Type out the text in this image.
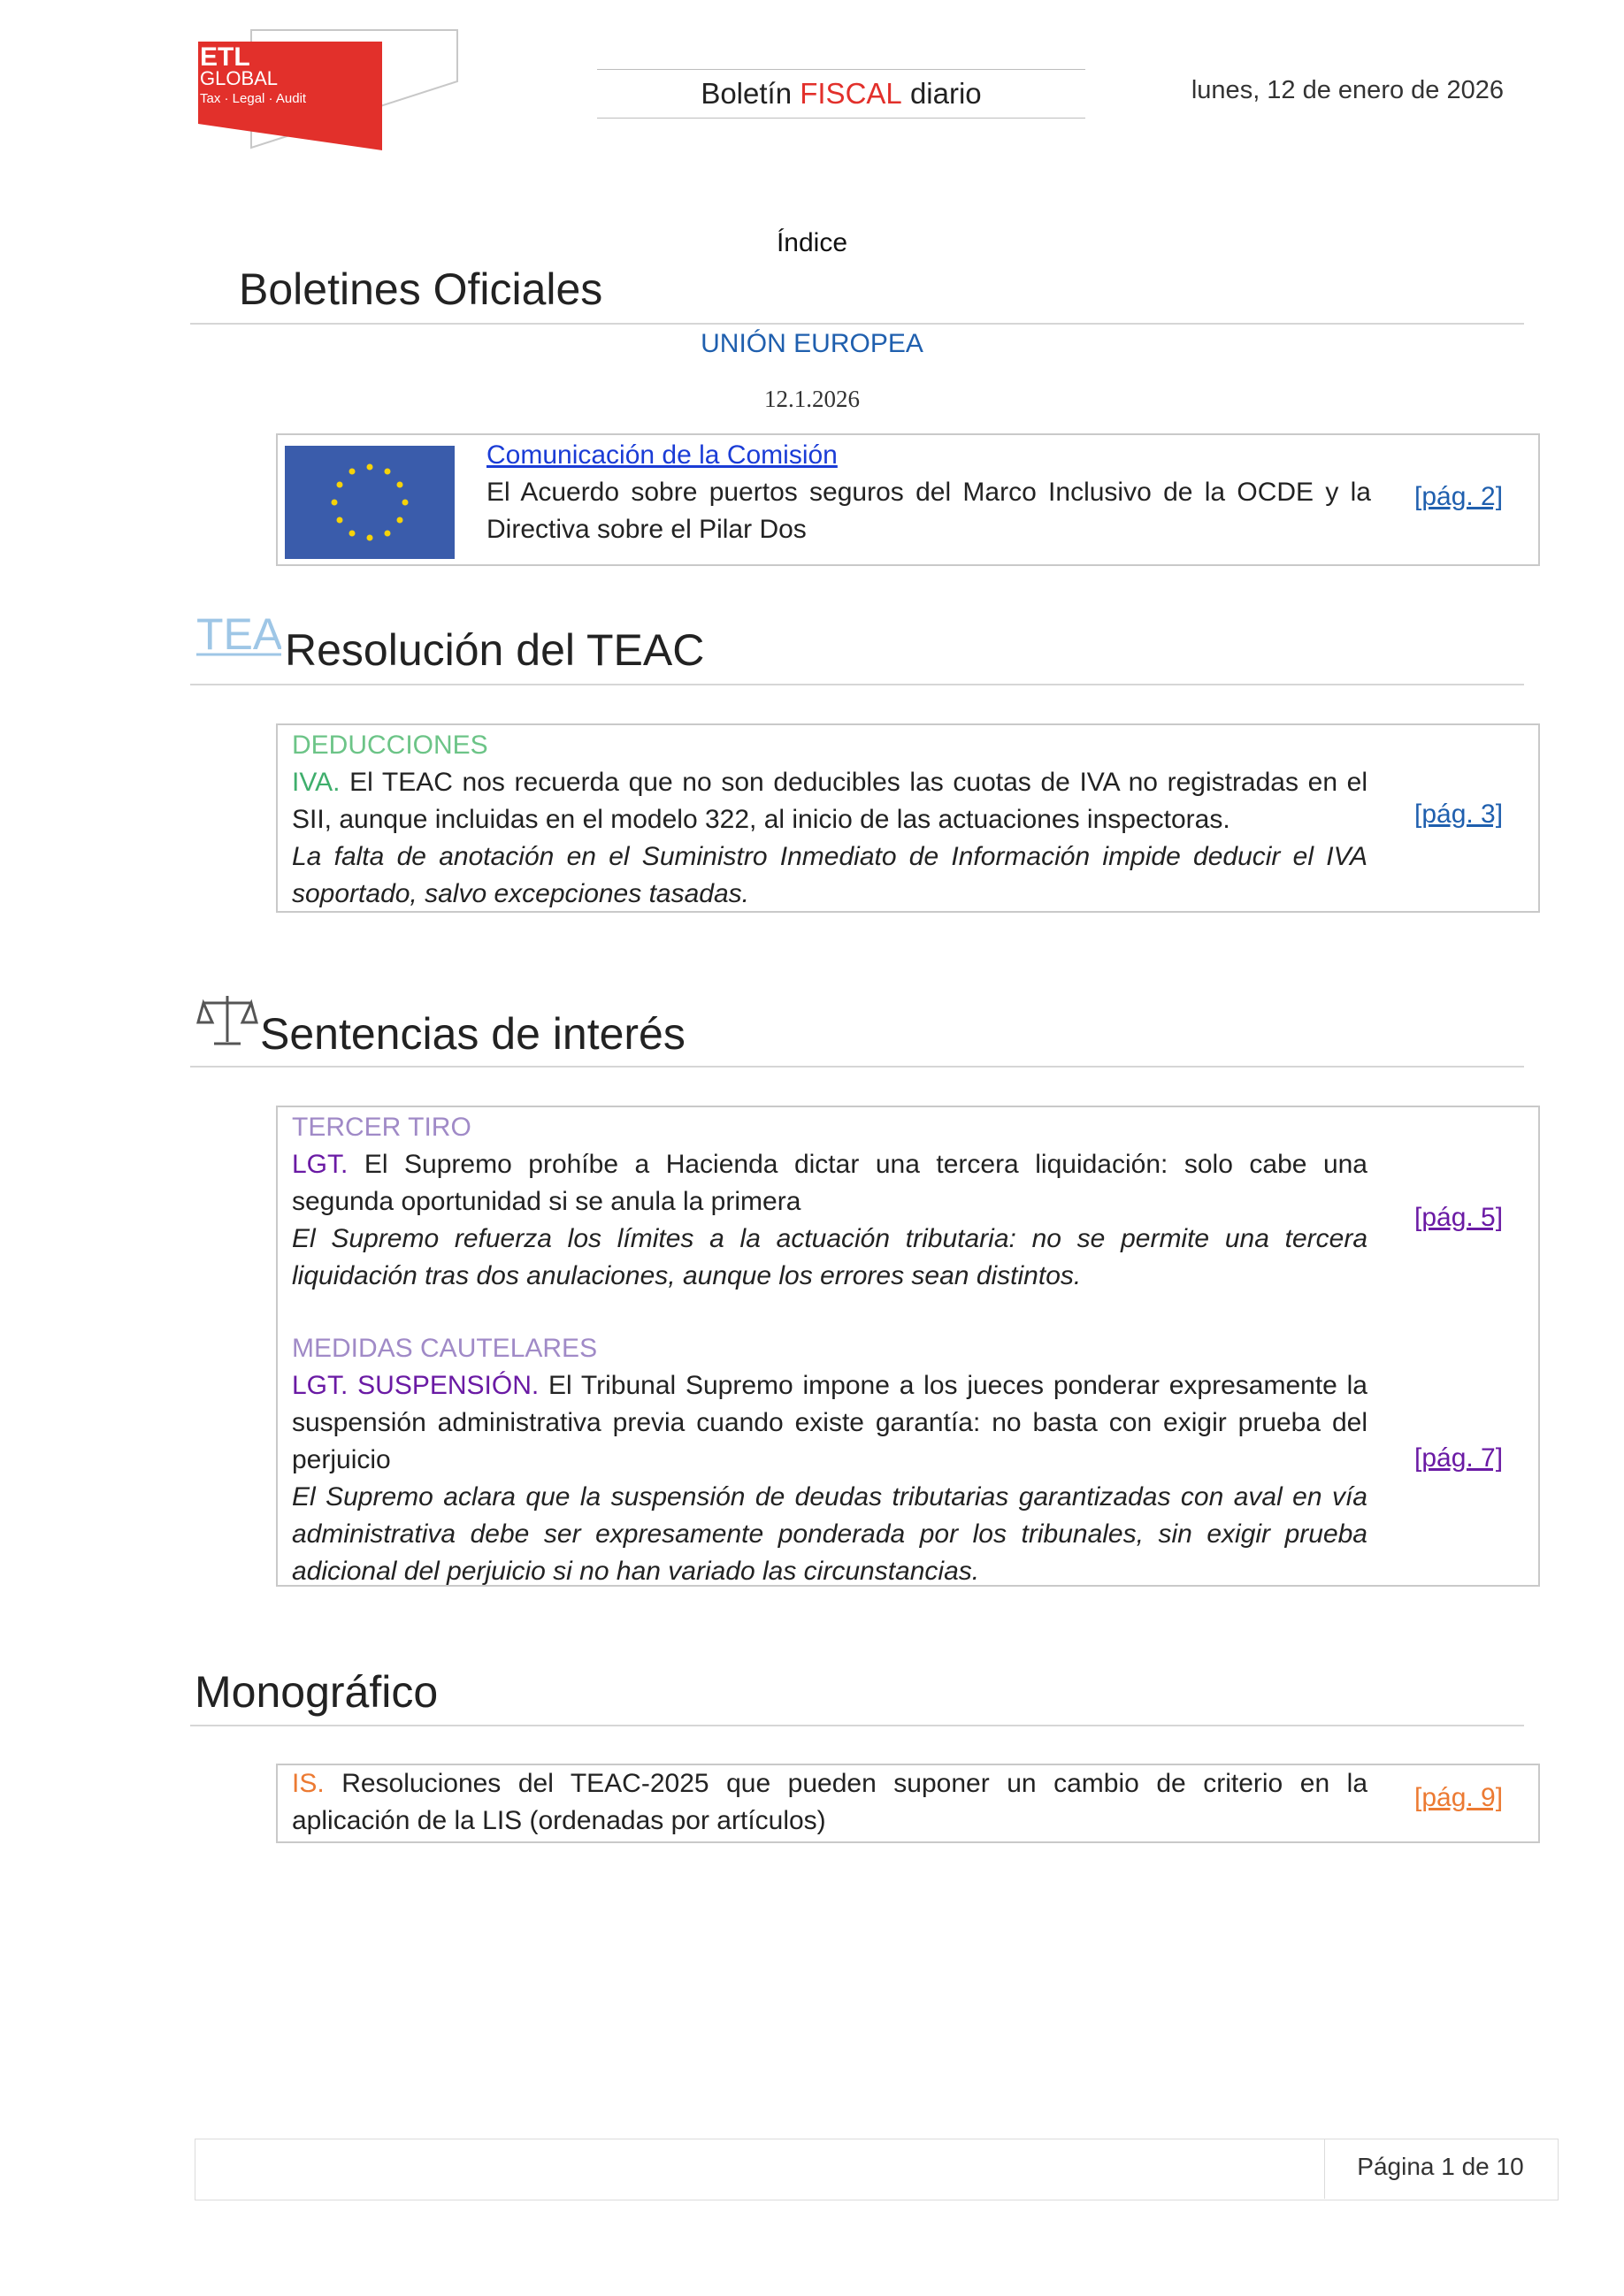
ETL
GLOBAL
Tax · Legal · Audit	Boletín FISCAL diario	lunes, 12 de enero de 2026
Índice
Boletines Oficiales
UNIÓN EUROPEA
12.1.2026
Comunicación de la Comisión
El Acuerdo sobre puertos seguros del Marco Inclusivo de la OCDE y la Directiva sobre el Pilar Dos
[pág. 2]
TEA Resolución del TEAC
DEDUCCIONES
IVA. El TEAC nos recuerda que no son deducibles las cuotas de IVA no registradas en el SII, aunque incluidas en el modelo 322, al inicio de las actuaciones inspectoras.
La falta de anotación en el Suministro Inmediato de Información impide deducir el IVA soportado, salvo excepciones tasadas.
[pág. 3]
Sentencias de interés
TERCER TIRO
LGT. El Supremo prohíbe a Hacienda dictar una tercera liquidación: solo cabe una segunda oportunidad si se anula la primera
El Supremo refuerza los límites a la actuación tributaria: no se permite una tercera liquidación tras dos anulaciones, aunque los errores sean distintos.
[pág. 5]
MEDIDAS CAUTELARES
LGT. SUSPENSIÓN. El Tribunal Supremo impone a los jueces ponderar expresamente la suspensión administrativa previa cuando existe garantía: no basta con exigir prueba del perjuicio
El Supremo aclara que la suspensión de deudas tributarias garantizadas con aval en vía administrativa debe ser expresamente ponderada por los tribunales, sin exigir prueba adicional del perjuicio si no han variado las circunstancias.
[pág. 7]
Monográfico
IS. Resoluciones del TEAC-2025 que pueden suponer un cambio de criterio en la aplicación de la LIS (ordenadas por artículos)
[pág. 9]
Página 1 de 10
